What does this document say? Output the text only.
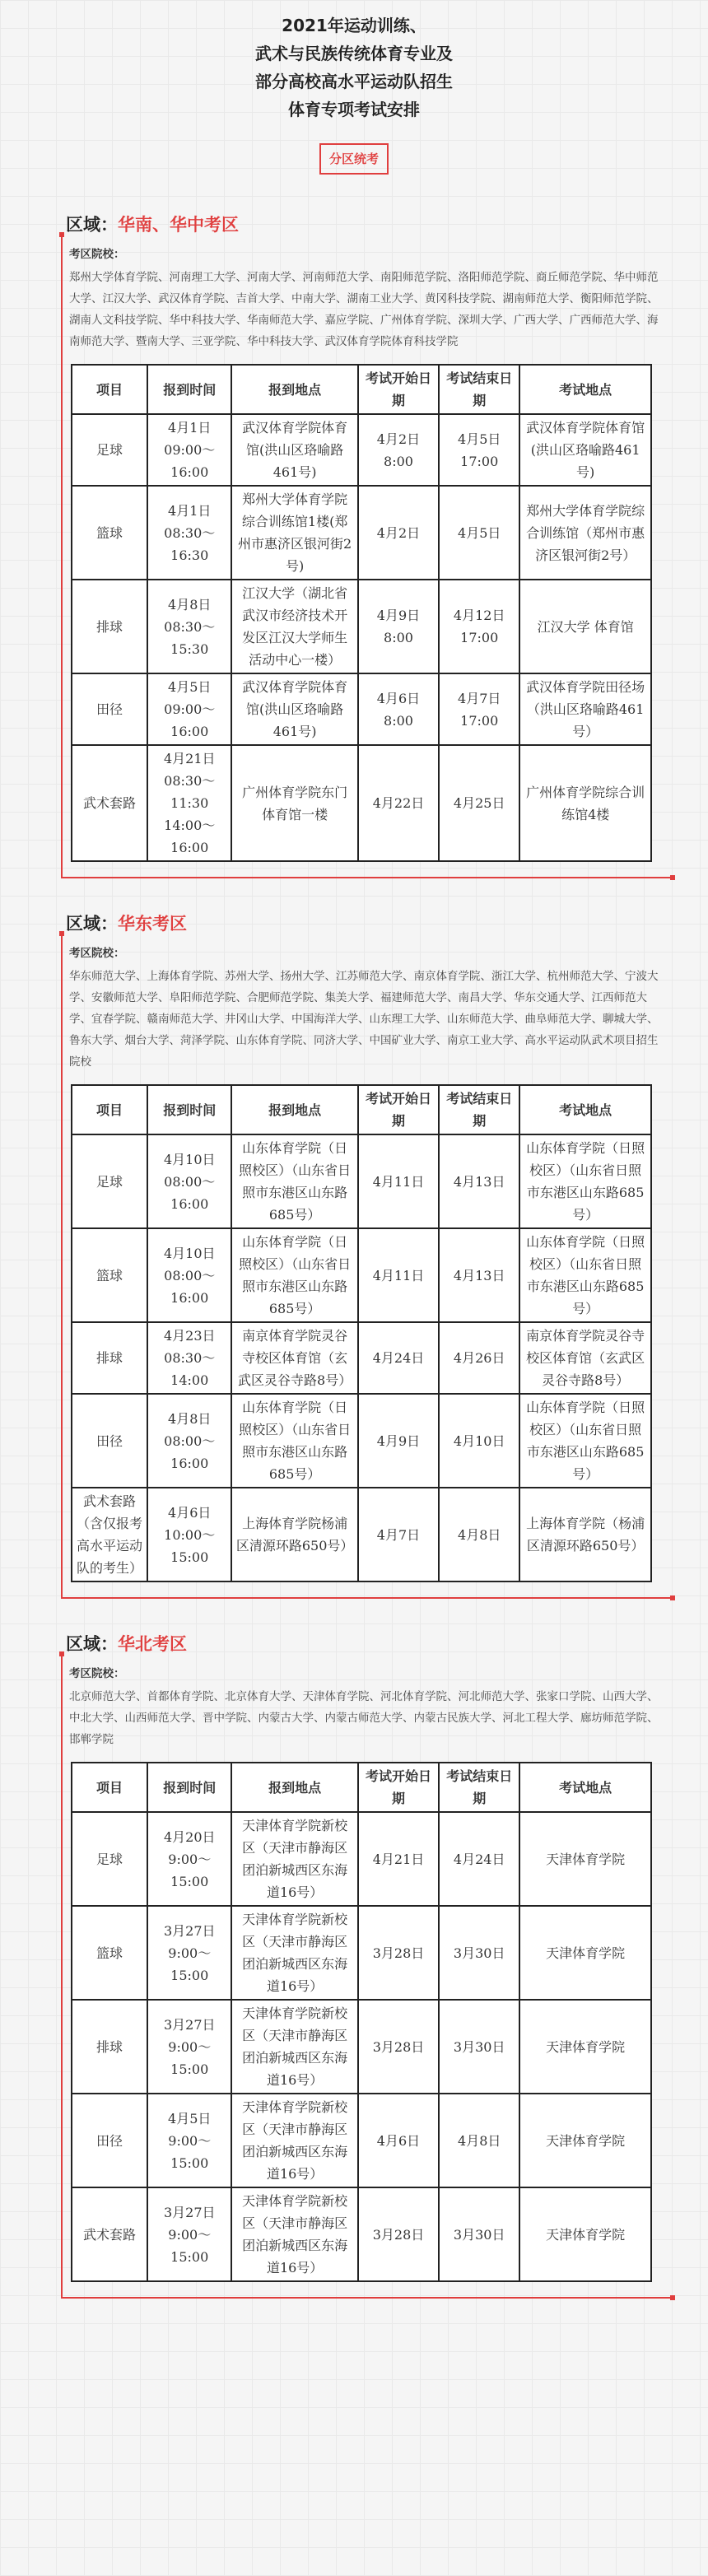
2021年运动训练、
武术与民族传统体育专业及
部分高校高水平运动队招生
体育专项考试安排
分区统考
区域：华南、华中考区
考区院校：
郑州大学体育学院、河南理工大学、河南大学、河南师范大学、南阳师范学院、洛阳师范学院、商丘师范学院、华中师范大学、江汉大学、武汉体育学院、吉首大学、中南大学、湖南工业大学、黄冈科技学院、湖南师范大学、衡阳师范学院、湖南人文科技学院、华中科技大学、华南师范大学、嘉应学院、广州体育学院、深圳大学、广西大学、广西师范大学、海南师范大学、暨南大学、三亚学院、华中科技大学、武汉体育学院体育科技学院
项目	报到时间	报到地点	考试开始日期	考试结束日期	考试地点
足球	4月1日 09:00～ 16:00	武汉体育学院体育馆(洪山区珞喻路461号)	4月2日 8:00	4月5日 17:00	武汉体育学院体育馆(洪山区珞喻路461号)
篮球	4月1日 08:30～ 16:30	郑州大学体育学院综合训练馆1楼(郑州市惠济区银河街2号)	4月2日	4月5日	郑州大学体育学院综合训练馆（郑州市惠济区银河街2号）
排球	4月8日 08:30～ 15:30	江汉大学（湖北省武汉市经济技术开发区江汉大学师生活动中心一楼）	4月9日 8:00	4月12日 17:00	江汉大学 体育馆
田径	4月5日 09:00～ 16:00	武汉体育学院体育馆(洪山区珞喻路461号)	4月6日 8:00	4月7日 17:00	武汉体育学院田径场（洪山区珞喻路461号）
武术套路	4月21日 08:30～ 11:30 14:00～ 16:00	广州体育学院东门体育馆一楼	4月22日	4月25日	广州体育学院综合训练馆4楼
区域：华东考区
考区院校：
华东师范大学、上海体育学院、苏州大学、扬州大学、江苏师范大学、南京体育学院、浙江大学、杭州师范大学、宁波大学、安徽师范大学、阜阳师范学院、合肥师范学院、集美大学、福建师范大学、南昌大学、华东交通大学、江西师范大学、宜春学院、赣南师范大学、井冈山大学、中国海洋大学、山东理工大学、山东师范大学、曲阜师范大学、聊城大学、鲁东大学、烟台大学、菏泽学院、山东体育学院、同济大学、中国矿业大学、南京工业大学、高水平运动队武术项目招生院校
项目	报到时间	报到地点	考试开始日期	考试结束日期	考试地点
足球	4月10日 08:00～ 16:00	山东体育学院（日照校区）（山东省日照市东港区山东路685号）	4月11日	4月13日	山东体育学院（日照校区）（山东省日照市东港区山东路685号）
篮球	4月10日 08:00～ 16:00	山东体育学院（日照校区）（山东省日照市东港区山东路685号）	4月11日	4月13日	山东体育学院（日照校区）（山东省日照市东港区山东路685号）
排球	4月23日 08:30～ 14:00	南京体育学院灵谷寺校区体育馆（玄武区灵谷寺路8号）	4月24日	4月26日	南京体育学院灵谷寺校区体育馆（玄武区灵谷寺路8号）
田径	4月8日 08:00～ 16:00	山东体育学院（日照校区）（山东省日照市东港区山东路685号）	4月9日	4月10日	山东体育学院（日照校区）（山东省日照市东港区山东路685号）
武术套路（含仅报考高水平运动队的考生）	4月6日 10:00～ 15:00	上海体育学院杨浦区清源环路650号）	4月7日	4月8日	上海体育学院（杨浦区清源环路650号）
区域：华北考区
考区院校：
北京师范大学、首都体育学院、北京体育大学、天津体育学院、河北体育学院、河北师范大学、张家口学院、山西大学、中北大学、山西师范大学、晋中学院、内蒙古大学、内蒙古师范大学、内蒙古民族大学、河北工程大学、廊坊师范学院、邯郸学院
项目	报到时间	报到地点	考试开始日期	考试结束日期	考试地点
足球	4月20日 9:00～ 15:00	天津体育学院新校区（天津市静海区团泊新城西区东海道16号）	4月21日	4月24日	天津体育学院
篮球	3月27日 9:00～ 15:00	天津体育学院新校区（天津市静海区团泊新城西区东海道16号）	3月28日	3月30日	天津体育学院
排球	3月27日 9:00～ 15:00	天津体育学院新校区（天津市静海区团泊新城西区东海道16号）	3月28日	3月30日	天津体育学院
田径	4月5日 9:00～ 15:00	天津体育学院新校区（天津市静海区团泊新城西区东海道16号）	4月6日	4月8日	天津体育学院
武术套路	3月27日 9:00～ 15:00	天津体育学院新校区（天津市静海区团泊新城西区东海道16号）	3月28日	3月30日	天津体育学院
